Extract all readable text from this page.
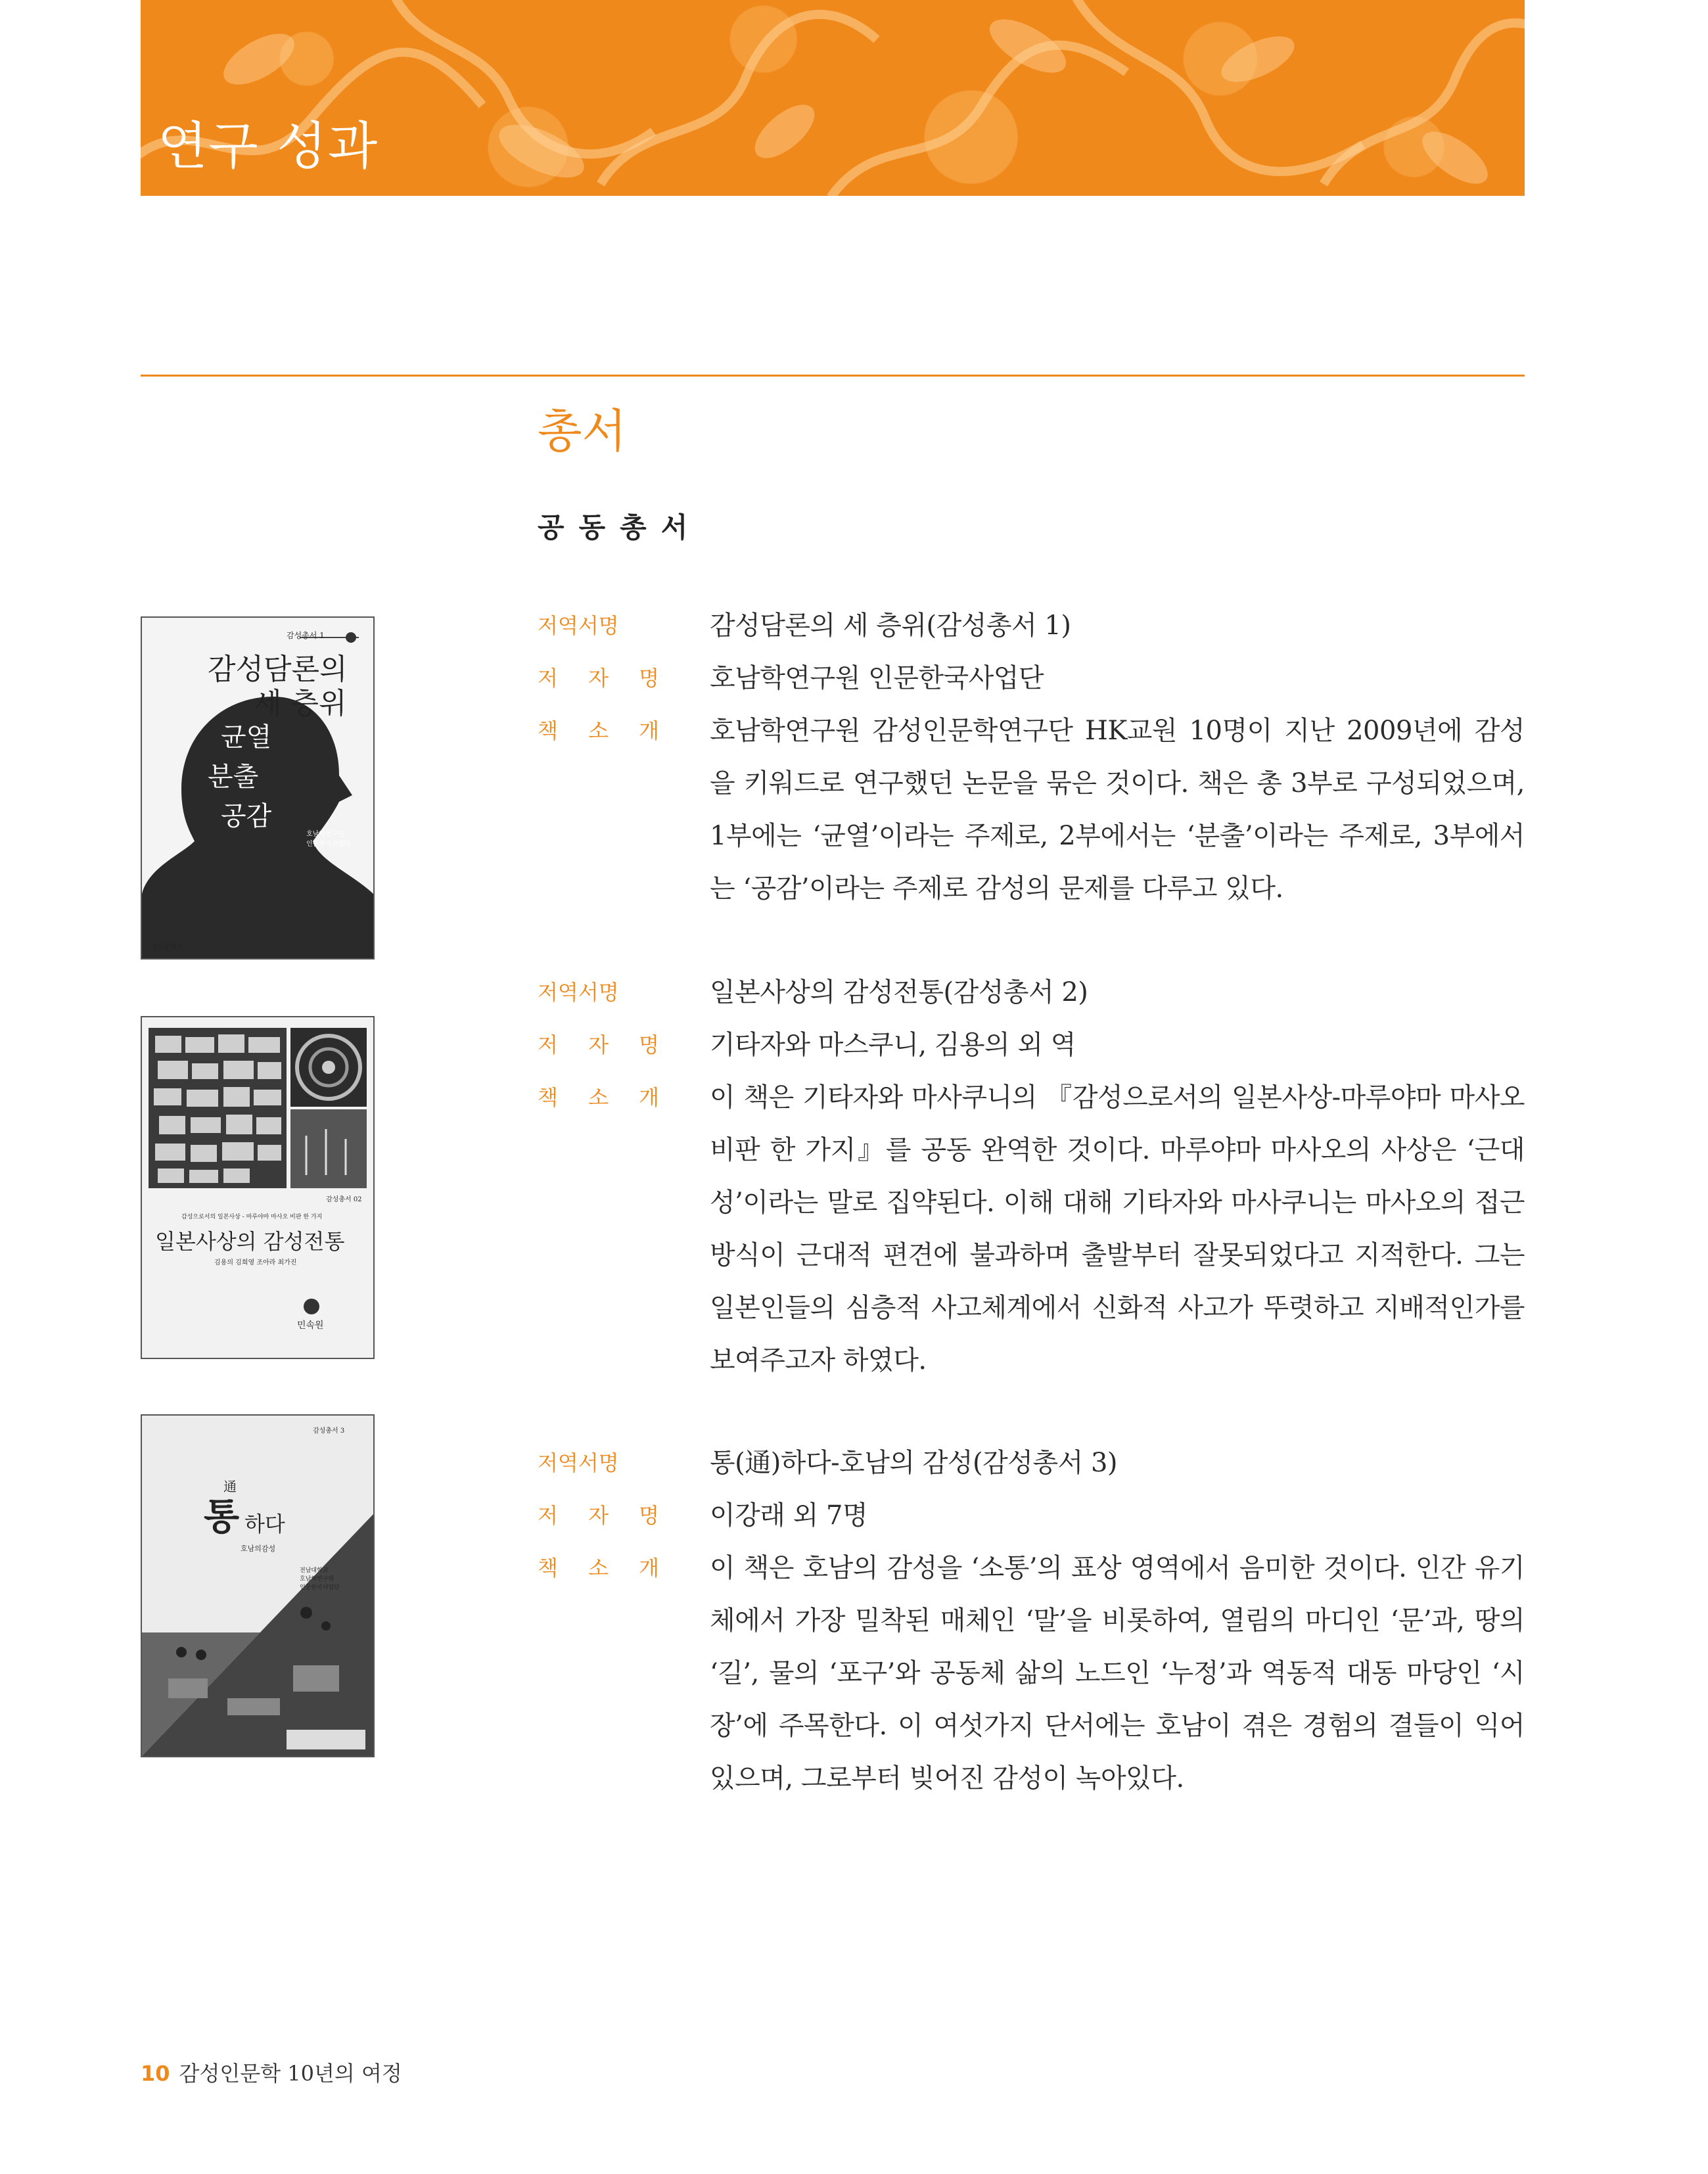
연구 성과
총서
공동총서
감성총서 1
감성담론의
세 층위
균열
분출
공감
호남학연구원
인문한국사업단
경인문화사
감성총서 02
감성으로서의 일본사상 - 마루야마 마사오 비판 한 가지
일본사상의 감성전통
김용의 김희영 조아라 최가진
민속원
감성총서 3
通
통 하다
호남의감성
전남대학교
호남학연구원
인문한국사업단
저역서명	감성담론의 세 층위(감성총서 1)
저 자 명	호남학연구원 인문한국사업단
책 소 개	호남학연구원 감성인문학연구단 HK교원 10명이 지난 2009년에 감성을 키워드로 연구했던 논문을 묶은 것이다. 책은 총 3부로 구성되었으며, 1부에는 ‘균열’이라는 주제로, 2부에서는 ‘분출’이라는 주제로, 3부에서는 ‘공감’이라는 주제로 감성의 문제를 다루고 있다.
저역서명	일본사상의 감성전통(감성총서 2)
저 자 명	기타자와 마스쿠니, 김용의 외 역
책 소 개	이 책은 기타자와 마사쿠니의 『감성으로서의 일본사상-마루야마 마사오 비판 한 가지』를 공동 완역한 것이다. 마루야마 마사오의 사상은 ‘근대성’이라는 말로 집약된다. 이해 대해 기타자와 마사쿠니는 마사오의 접근 방식이 근대적 편견에 불과하며 출발부터 잘못되었다고 지적한다. 그는 일본인들의 심층적 사고체계에서 신화적 사고가 뚜렷하고 지배적인가를 보여주고자 하였다.
저역서명	통(通)하다-호남의 감성(감성총서 3)
저 자 명	이강래 외 7명
책 소 개	이 책은 호남의 감성을 ‘소통’의 표상 영역에서 음미한 것이다. 인간 유기체에서 가장 밀착된 매체인 ‘말’을 비롯하여, 열림의 마디인 ‘문’과, 땅의 ‘길’, 물의 ‘포구’와 공동체 삶의 노드인 ‘누정’과 역동적 대동 마당인 ‘시장’에 주목한다. 이 여섯가지 단서에는 호남이 겪은 경험의 결들이 익어있으며, 그로부터 빚어진 감성이 녹아있다.
10 감성인문학 10년의 여정
